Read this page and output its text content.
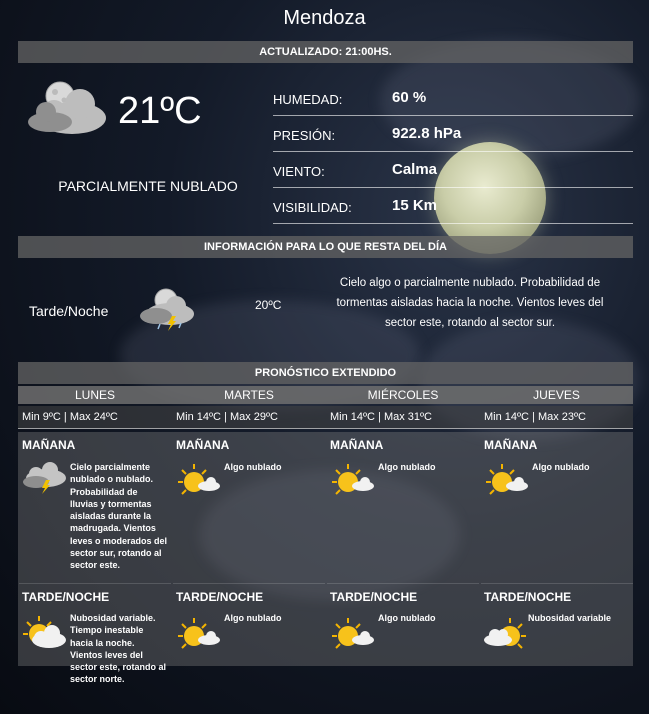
Mendoza
ACTUALIZADO: 21:00HS.
21ºC
PARCIALMENTE NUBLADO
HUMEDAD:	60 %
PRESIÓN:	922.8 hPa
VIENTO:	Calma
VISIBILIDAD:	15 Km
INFORMACIÓN PARA LO QUE RESTA DEL DÍA
Tarde/Noche	20ºC
Cielo algo o parcialmente nublado. Probabilidad de tormentas aisladas hacia la noche. Vientos leves del sector este, rotando al sector sur.
PRONÓSTICO EXTENDIDO
LUNES
Min 9ºC | Max 24ºC
MAÑANA
Cielo parcialmente nublado o nublado. Probabilidad de lluvias y tormentas aisladas durante la madrugada. Vientos leves o moderados del sector sur, rotando al sector este.
TARDE/NOCHE
Nubosidad variable. Tiempo inestable hacia la noche. Vientos leves del sector este, rotando al sector norte.
MARTES
Min 14ºC | Max 29ºC
MAÑANA
Algo nublado
TARDE/NOCHE
Algo nublado
MIÉRCOLES
Min 14ºC | Max 31ºC
MAÑANA
Algo nublado
TARDE/NOCHE
Algo nublado
JUEVES
Min 14ºC | Max 23ºC
MAÑANA
Algo nublado
TARDE/NOCHE
Nubosidad variable
